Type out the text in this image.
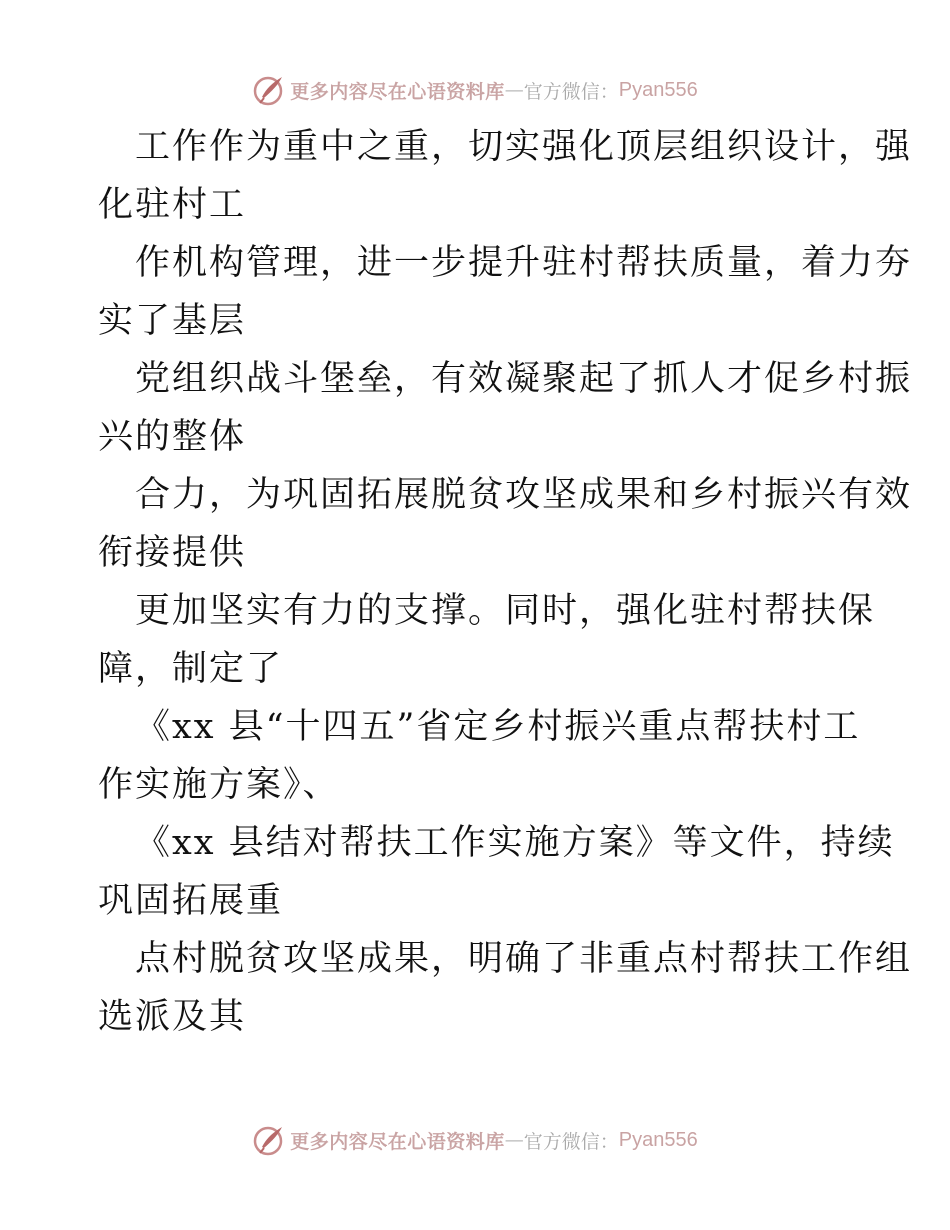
更多内容尽在心语资料库 — 官方微信： Pyan556
工作作为重中之重，切实强化顶层组织设计，强
化驻村工
作机构管理，进一步提升驻村帮扶质量，着力夯
实了基层
党组织战斗堡垒，有效凝聚起了抓人才促乡村振
兴的整体
合力，为巩固拓展脱贫攻坚成果和乡村振兴有效
衔接提供
更加坚实有力的支撑。同时，强化驻村帮扶保
障，制定了
《xx 县“十四五”省定乡村振兴重点帮扶村工
作实施方案》、
《xx 县结对帮扶工作实施方案》等文件，持续
巩固拓展重
点村脱贫攻坚成果，明确了非重点村帮扶工作组
选派及其
更多内容尽在心语资料库 — 官方微信： Pyan556
